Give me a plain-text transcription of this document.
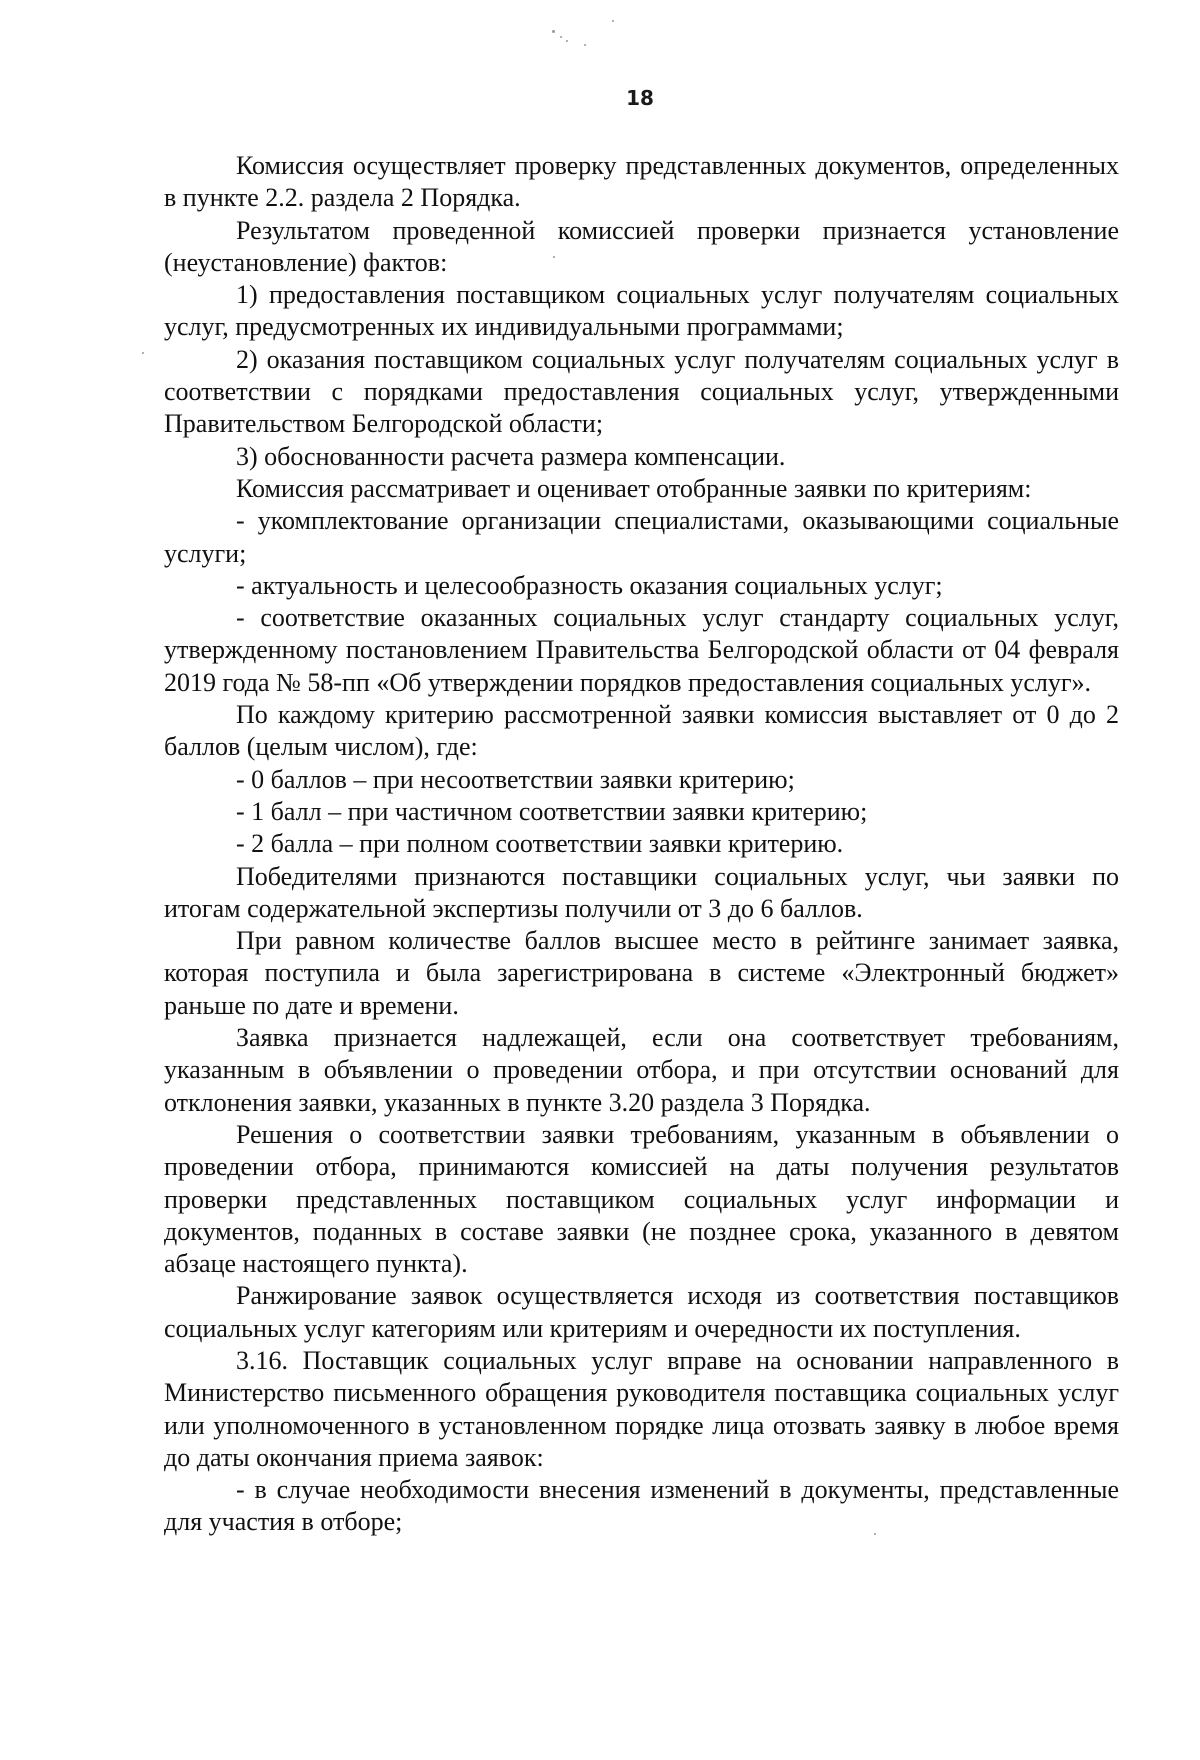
18

Комиссия осуществляет проверку представленных документов, определенных в пункте 2.2. раздела 2 Порядка.

Результатом проведенной комиссией проверки признается установление (неустановление) фактов:

1) предоставления поставщиком социальных услуг получателям социальных услуг, предусмотренных их индивидуальными программами;

2) оказания поставщиком социальных услуг получателям социальных услуг в соответствии с порядками предоставления социальных услуг, утвержденными Правительством Белгородской области;

3) обоснованности расчета размера компенсации.

Комиссия рассматривает и оценивает отобранные заявки по критериям:

- укомплектование организации специалистами, оказывающими социальные услуги;

- актуальность и целесообразность оказания социальных услуг;

- соответствие оказанных социальных услуг стандарту социальных услуг, утвержденному постановлением Правительства Белгородской области от 04 февраля 2019 года № 58-пп «Об утверждении порядков предоставления социальных услуг».

По каждому критерию рассмотренной заявки комиссия выставляет от 0 до 2 баллов (целым числом), где:

- 0 баллов – при несоответствии заявки критерию;

- 1 балл – при частичном соответствии заявки критерию;

- 2 балла – при полном соответствии заявки критерию.

Победителями признаются поставщики социальных услуг, чьи заявки по итогам содержательной экспертизы получили от 3 до 6 баллов.

При равном количестве баллов высшее место в рейтинге занимает заявка, которая поступила и была зарегистрирована в системе «Электронный бюджет» раньше по дате и времени.

Заявка признается надлежащей, если она соответствует требованиям, указанным в объявлении о проведении отбора, и при отсутствии оснований для отклонения заявки, указанных в пункте 3.20 раздела 3 Порядка.

Решения о соответствии заявки требованиям, указанным в объявлении о проведении отбора, принимаются комиссией на даты получения результатов проверки представленных поставщиком социальных услуг информации и документов, поданных в составе заявки (не позднее срока, указанного в девятом абзаце настоящего пункта).

Ранжирование заявок осуществляется исходя из соответствия поставщиков социальных услуг категориям или критериям и очередности их поступления.

3.16. Поставщик социальных услуг вправе на основании направленного в Министерство письменного обращения руководителя поставщика социальных услуг или уполномоченного в установленном порядке лица отозвать заявку в любое время до даты окончания приема заявок:

- в случае необходимости внесения изменений в документы, представленные для участия в отборе;
